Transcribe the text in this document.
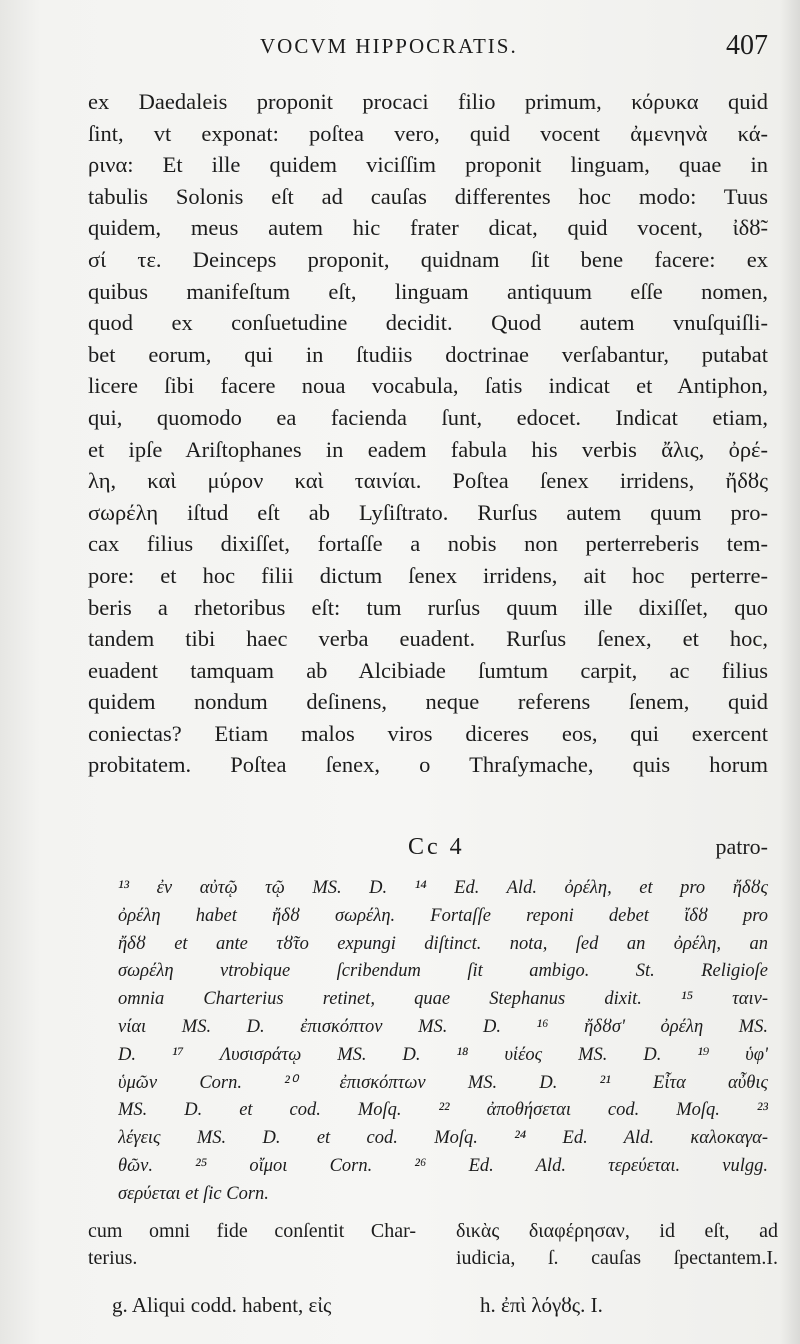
VOCVM HIPPOCRATIS.	407
ex Daedaleis proponit procaci filio primum, κόρυκα quid
ſint, vt exponat: poſtea vero, quid vocent ἀμενηνὰ κά-
ρινα: Et ille quidem viciſſim proponit linguam, quae in
tabulis Solonis eſt ad cauſas differentes hoc modo: Tuus
quidem, meus autem hic frater dicat, quid vocent, ἰδȣ̃-
σί τε. Deinceps proponit, quidnam ſit bene facere: ex
quibus manifeſtum eſt, linguam antiquum eſſe nomen,
quod ex conſuetudine decidit. Quod autem vnuſquiſli-
bet eorum, qui in ſtudiis doctrinae verſabantur, putabat
licere ſibi facere noua vocabula, ſatis indicat et Antiphon,
qui, quomodo ea facienda ſunt, edocet. Indicat etiam,
et ipſe Ariſtophanes in eadem fabula his verbis ἄλις, ὀρέ-
λη, καὶ μύρον καὶ ταινίαι. Poſtea ſenex irridens, ἤδȣς
σωρέλη iſtud eſt ab Lyſiſtrato. Rurſus autem quum pro-
cax filius dixiſſet, fortaſſe a nobis non perterreberis tem-
pore: et hoc filii dictum ſenex irridens, ait hoc perterre-
beris a rhetoribus eſt: tum rurſus quum ille dixiſſet, quo
tandem tibi haec verba euadent. Rurſus ſenex, et hoc,
euadent tamquam ab Alcibiade ſumtum carpit, ac filius
quidem nondum deſinens, neque referens ſenem, quid
coniectas? Etiam malos viros diceres eos, qui exercent
probitatem. Poſtea ſenex, o Thraſymache, quis horum
Cc 4	patro-
¹³ ἐν αὐτῷ τῷ MS. D. ¹⁴ Ed. Ald. ὀρέλη, et pro ἤδȣς
ὀρέλη habet ἤδȣ σωρέλη. Fortaſſe reponi debet ἴδȣ pro
ἤδȣ et ante τȣ̃το expungi diſtinct. nota, ſed an ὀρέλη, an
σωρέλη vtrobique ſcribendum ſit ambigo. St. Religioſe
omnia Charterius retinet, quae Stephanus dixit. ¹⁵ ταιν-
νίαι MS. D. ἐπισκόπτον MS. D. ¹⁶ ἤδȣσ' ὀρέλη MS.
D. ¹⁷ Λυσισράτῳ MS. D. ¹⁸ υἱέος MS. D. ¹⁹ ὑφ'
ὑμῶν Corn. ²⁰ ἐπισκόπτων MS. D. ²¹ Εἶτα αὖθις
MS. D. et cod. Moſq. ²² ἀποθήσεται cod. Moſq. ²³
λέγεις MS. D. et cod. Moſq. ²⁴ Ed. Ald. καλοκαγα-
θῶν. ²⁵ οἴμοι Corn. ²⁶ Ed. Ald. τερεύεται. vulgg.
σερύεται et ſic Corn.
cum omni fide conſentit Char-
terius.
g. Aliqui codd. habent, εἰς
δικὰς διαφέρησαν, id eſt, ad
iudicia, ſ. cauſas ſpectantem.I.
h. ἐπὶ λόγȣς. I.
